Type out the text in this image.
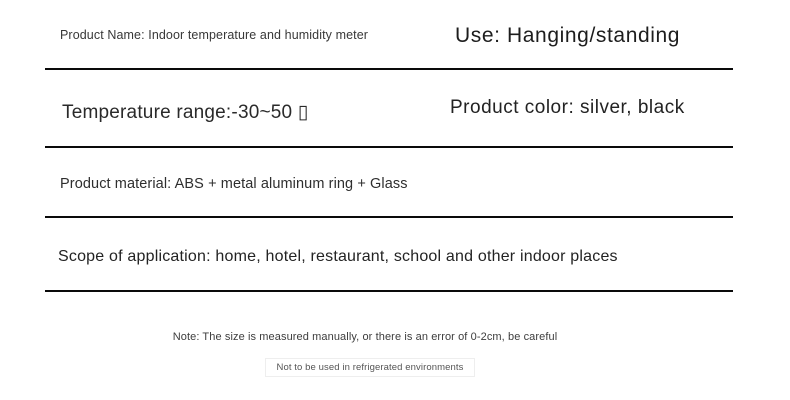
Product Name: Indoor temperature and humidity meter	Use: Hanging/standing
Temperature range:-30~50 ▯	Product color: silver, black
Product material: ABS + metal aluminum ring + Glass
Scope of application: home, hotel, restaurant, school and other indoor places
Note: The size is measured manually, or there is an error of 0-2cm, be careful
Not to be used in refrigerated environments
